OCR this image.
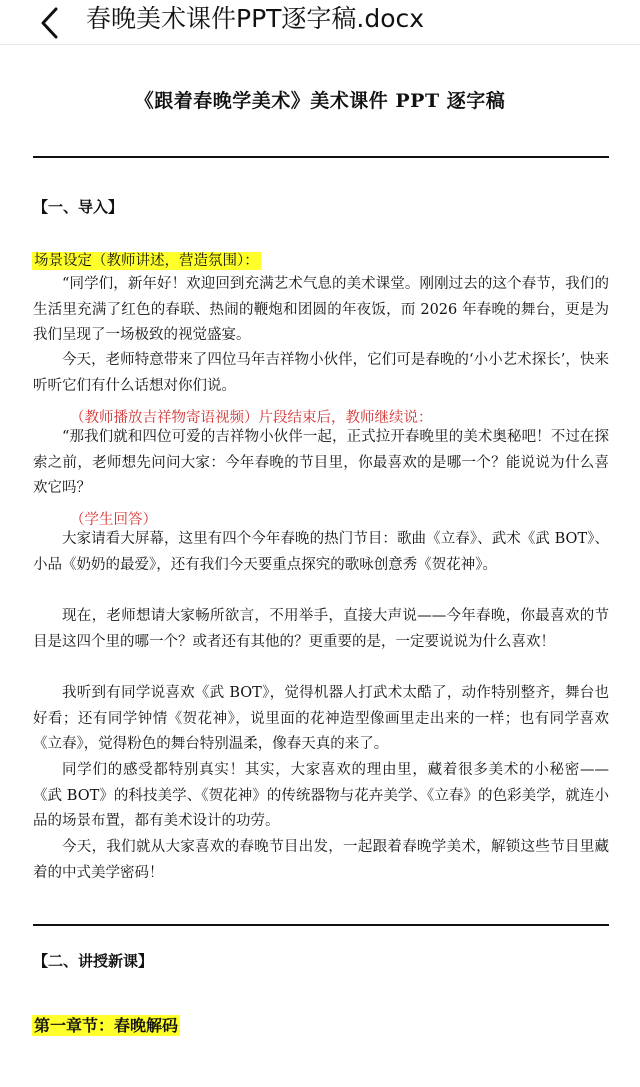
春晚美术课件PPT逐字稿.docx
《跟着春晚学美术》美术课件 PPT 逐字稿
【一、导入】
场景设定（教师讲述，营造氛围）：

“同学们，新年好！欢迎回到充满艺术气息的美术课堂。刚刚过去的这个春节，我们的生活里充满了红色的春联、热闹的鞭炮和团圆的年夜饭，而 2026 年春晚的舞台，更是为我们呈现了一场极致的视觉盛宴。

今天，老师特意带来了四位马年吉祥物小伙伴，它们可是春晚的‘小小艺术探长’，快来听听它们有什么话想对你们说。

（教师播放吉祥物寄语视频）片段结束后，教师继续说：

“那我们就和四位可爱的吉祥物小伙伴一起，正式拉开春晚里的美术奥秘吧！不过在探索之前，老师想先问问大家：今年春晚的节目里，你最喜欢的是哪一个？能说说为什么喜欢它吗？

（学生回答）

大家请看大屏幕，这里有四个今年春晚的热门节目：歌曲《立春》、武术《武 BOT》、小品《奶奶的最爱》，还有我们今天要重点探究的歌咏创意秀《贺花神》。

现在，老师想请大家畅所欲言，不用举手，直接大声说——今年春晚，你最喜欢的节目是这四个里的哪一个？或者还有其他的？更重要的是，一定要说说为什么喜欢！

我听到有同学说喜欢《武 BOT》，觉得机器人打武术太酷了，动作特别整齐，舞台也好看；还有同学钟情《贺花神》，说里面的花神造型像画里走出来的一样；也有同学喜欢《立春》，觉得粉色的舞台特别温柔，像春天真的来了。

同学们的感受都特别真实！其实，大家喜欢的理由里，藏着很多美术的小秘密——《武 BOT》的科技美学、《贺花神》的传统器物与花卉美学、《立春》的色彩美学，就连小品的场景布置，都有美术设计的功劳。

今天，我们就从大家喜欢的春晚节目出发，一起跟着春晚学美术，解锁这些节目里藏着的中式美学密码！

【二、讲授新课】
第一章节：春晚解码
